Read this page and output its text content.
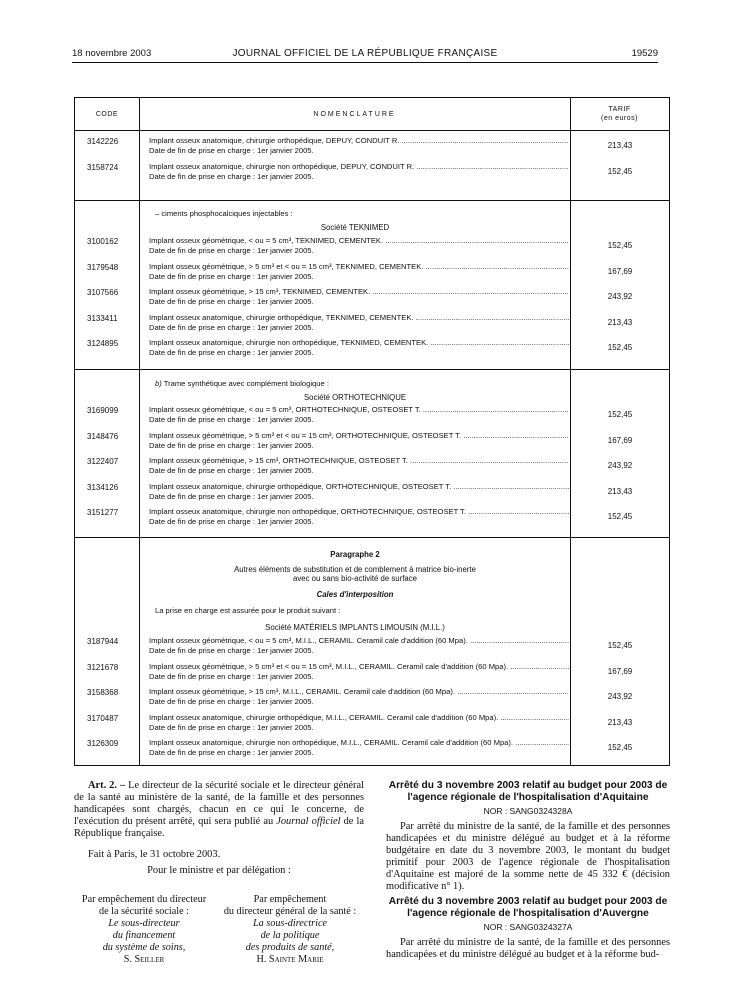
18 novembre 2003	JOURNAL OFFICIEL DE LA RÉPUBLIQUE FRANÇAISE	19529
CODE	NOMENCLATURE
TARIF
(en euros)
– ciments phosphocalciques injectables :
Société TEKNIMED
b) Trame synthétique avec complément biologique :
Société ORTHOTECHNIQUE
Paragraphe 2
Autres éléments de substitution et de comblement à matrice bio-inerte
avec ou sans bio-activité de surface
Cales d'interposition
La prise en charge est assurée pour le produit suivant :
Société MATÉRIELS IMPLANTS LIMOUSIN (M.I.L.)
3142226	Implant osseux anatomique, chirurgie orthopédique, DEPUY, CONDUIT R. .....
Date de fin de prise en charge : 1er janvier 2005.
213,43
3158724	Implant osseux anatomique, chirurgie non orthopédique, DEPUY, CONDUIT R. .....
Date de fin de prise en charge : 1er janvier 2005.
152,45
3100162	Implant osseux géométrique, < ou = 5 cm³, TEKNIMED, CEMENTEK. .....
Date de fin de prise en charge : 1er janvier 2005.
152,45
3179548	Implant osseux géométrique, > 5 cm³ et < ou = 15 cm³, TEKNIMED, CEMENTEK. .....
Date de fin de prise en charge : 1er janvier 2005.
167,69
3107566	Implant osseux géométrique, > 15 cm³, TEKNIMED, CEMENTEK. .....
Date de fin de prise en charge : 1er janvier 2005.
243,92
3133411	Implant osseux anatomique, chirurgie orthopédique, TEKNIMED, CEMENTEK. .....
Date de fin de prise en charge : 1er janvier 2005.
213,43
3124895	Implant osseux anatomique, chirurgie non orthopédique, TEKNIMED, CEMENTEK. .....
Date de fin de prise en charge : 1er janvier 2005.
152,45
3169099	Implant osseux géométrique, < ou = 5 cm³, ORTHOTECHNIQUE, OSTEOSET T. .....
Date de fin de prise en charge : 1er janvier 2005.
152,45
3148476	Implant osseux géométrique, > 5 cm³ et < ou = 15 cm³, ORTHOTECHNIQUE, OSTEOSET T. .....
Date de fin de prise en charge : 1er janvier 2005.
167,69
3122407	Implant osseux géométrique, > 15 cm³, ORTHOTECHNIQUE, OSTEOSET T. .....
Date de fin de prise en charge : 1er janvier 2005.
243,92
3134126	Implant osseux anatomique, chirurgie orthopédique, ORTHOTECHNIQUE, OSTEOSET T. .....
Date de fin de prise en charge : 1er janvier 2005.
213,43
3151277	Implant osseux anatomique, chirurgie non orthopédique, ORTHOTECHNIQUE, OSTEOSET T. .....
Date de fin de prise en charge : 1er janvier 2005.
152,45
3187944	Implant osseux géométrique, < ou = 5 cm³, M.I.L., CERAMIL. Ceramil cale d'addition (60 Mpa). .....
Date de fin de prise en charge : 1er janvier 2005.
152,45
3121678	Implant osseux géométrique, > 5 cm³ et < ou = 15 cm³, M.I.L., CERAMIL. Ceramil cale d'addition (60 Mpa). .....
Date de fin de prise en charge : 1er janvier 2005.
167,69
3158368	Implant osseux géométrique, > 15 cm³, M.I.L., CERAMIL. Ceramil cale d'addition (60 Mpa). .....
Date de fin de prise en charge : 1er janvier 2005.
243,92
3170487	Implant osseux anatomique, chirurgie orthopédique, M.I.L., CERAMIL. Ceramil cale d'addition (60 Mpa). .....
Date de fin de prise en charge : 1er janvier 2005.
213,43
3126309	Implant osseux anatomique, chirurgie non orthopédique, M.I.L., CERAMIL. Ceramil cale d'addition (60 Mpa). .....
Date de fin de prise en charge : 1er janvier 2005.
152,45
Art. 2. – Le directeur de la sécurité sociale et le directeur général de la santé au ministère de la santé, de la famille et des personnes handicapées sont chargés, chacun en ce qui le concerne, de l'exécution du présent arrêté, qui sera publié au Journal officiel de la République française.
Fait à Paris, le 31 octobre 2003.
Pour le ministre et par délégation :
Par empêchement du directeur
de la sécurité sociale :
Le sous-directeur
du financement
du système de soins,
S. Seiller
Par empêchement
du directeur général de la santé :
La sous-directrice
de la politique
des produits de santé,
H. Sainte Marie
Arrêté du 3 novembre 2003 relatif au budget pour 2003 de l'agence régionale de l'hospitalisation d'Aquitaine
NOR : SANG0324328A
Par arrêté du ministre de la santé, de la famille et des personnes handicapées et du ministre délégué au budget et à la réforme budgétaire en date du 3 novembre 2003, le montant du budget primitif pour 2003 de l'agence régionale de l'hospitalisation d'Aquitaine est majoré de la somme nette de 45 332 € (décision modificative n° 1).
Arrêté du 3 novembre 2003 relatif au budget pour 2003 de l'agence régionale de l'hospitalisation d'Auvergne
NOR : SANG0324327A
Par arrêté du ministre de la santé, de la famille et des personnes handicapées et du ministre délégué au budget et à la réforme bud-
